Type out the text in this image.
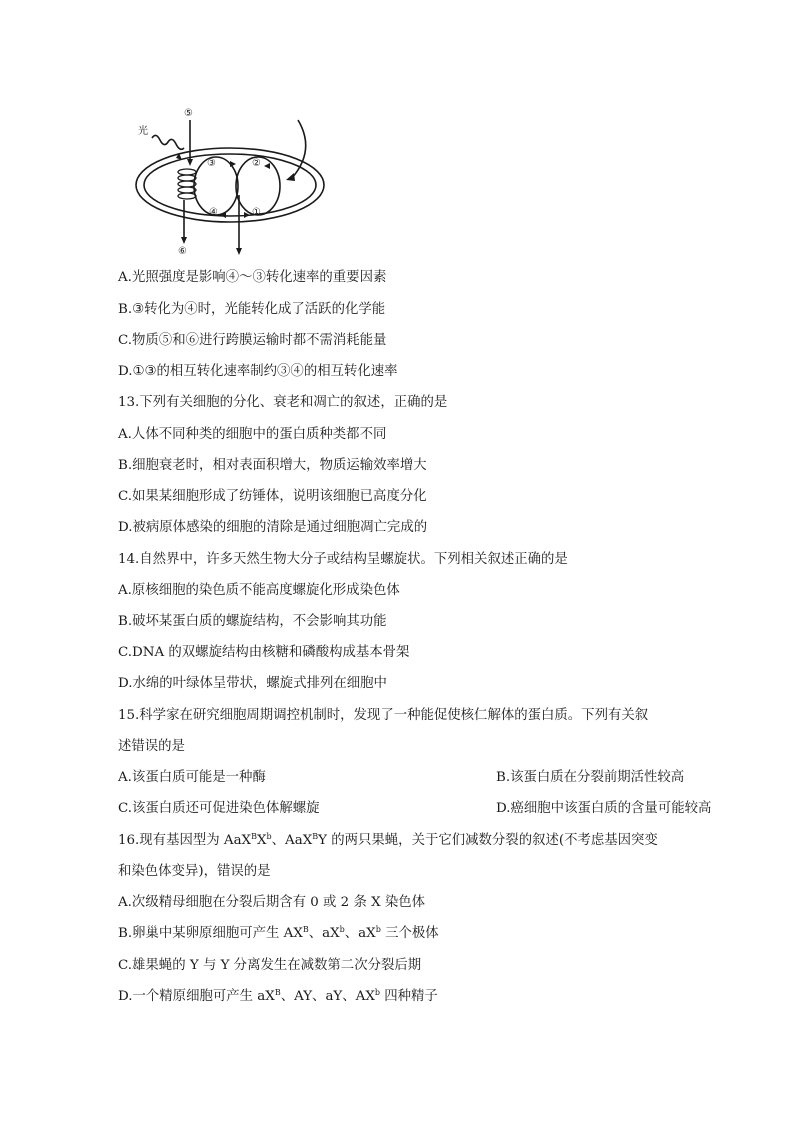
光
⑤
③	②
④	①
⑥
A.光照强度是影响④～③转化速率的重要因素
B.③转化为④时，光能转化成了活跃的化学能
C.物质⑤和⑥进行跨膜运输时都不需消耗能量
D.①③的相互转化速率制约③④的相互转化速率
13.下列有关细胞的分化、衰老和凋亡的叙述，正确的是
A.人体不同种类的细胞中的蛋白质种类都不同
B.细胞衰老时，相对表面积增大，物质运输效率增大
C.如果某细胞形成了纺锤体，说明该细胞已高度分化
D.被病原体感染的细胞的清除是通过细胞凋亡完成的
14.自然界中，许多天然生物大分子或结构呈螺旋状。下列相关叙述正确的是
A.原核细胞的染色质不能高度螺旋化形成染色体
B.破坏某蛋白质的螺旋结构，不会影响其功能
C.DNA 的双螺旋结构由核糖和磷酸构成基本骨架
D.水绵的叶绿体呈带状，螺旋式排列在细胞中
15.科学家在研究细胞周期调控机制时，发现了一种能促使核仁解体的蛋白质。下列有关叙
述错误的是
A.该蛋白质可能是一种酶	B.该蛋白质在分裂前期活性较高
C.该蛋白质还可促进染色体解螺旋	D.癌细胞中该蛋白质的含量可能较高
16.现有基因型为 $AaX^BX^b$、AaX$^B$Y 的两只果蝇，关于它们减数分裂的叙述(不考虑基因突变
和染色体变异)，错误的是
A.次级精母细胞在分裂后期含有 0 或 2 条 X 染色体
B.卵巢中某卵原细胞可产生 $AX^B$、$aX^b$、$aX^b$ 三个极体
C.雄果蝇的 Y 与 Y 分离发生在减数第二次分裂后期
D.一个精原细胞可产生 $aX^B$、AY、aY、$AX^b$ 四种精子
